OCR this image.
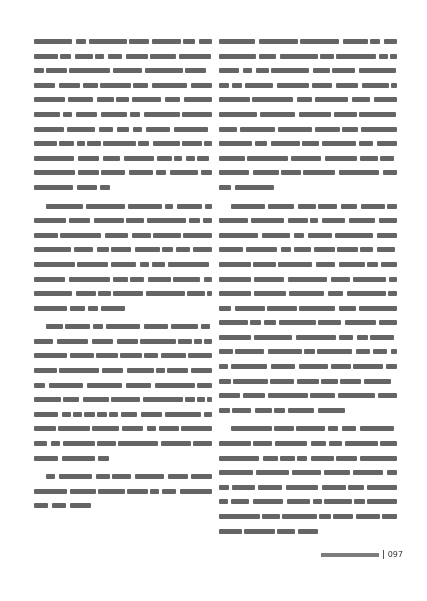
097
